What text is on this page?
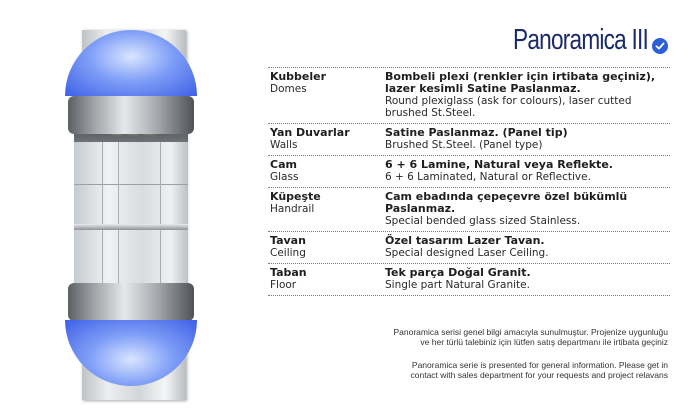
Panoramica III
Kubbeler
Domes
Bombeli plexi (renkler için irtibata geçiniz), lazer kesimli Satine Paslanmaz.
Round plexiglass (ask for colours), laser cutted brushed St.Steel.
Yan Duvarlar
Walls
Satine Paslanmaz. (Panel tip)
Brushed St.Steel. (Panel type)
Cam
Glass
6 + 6 Lamine, Natural veya Reflekte.
6 + 6 Laminated, Natural or Reflective.
Küpeşte
Handrail
Cam ebadında çepeçevre özel bükümlü Paslanmaz.
Special bended glass sized Stainless.
Tavan
Ceiling
Özel tasarım Lazer Tavan.
Special designed Laser Ceiling.
Taban
Floor
Tek parça Doğal Granit.
Single part Natural Granite.
Panoramica serisi genel bilgi amacıyla sunulmuştur. Projenize uygunluğu
ve her türlü talebiniz için lütfen satış departmanı ile irtibata geçiniz
Panoramica serie is presented for general information. Please get in
contact with sales department for your requests and project relavans
